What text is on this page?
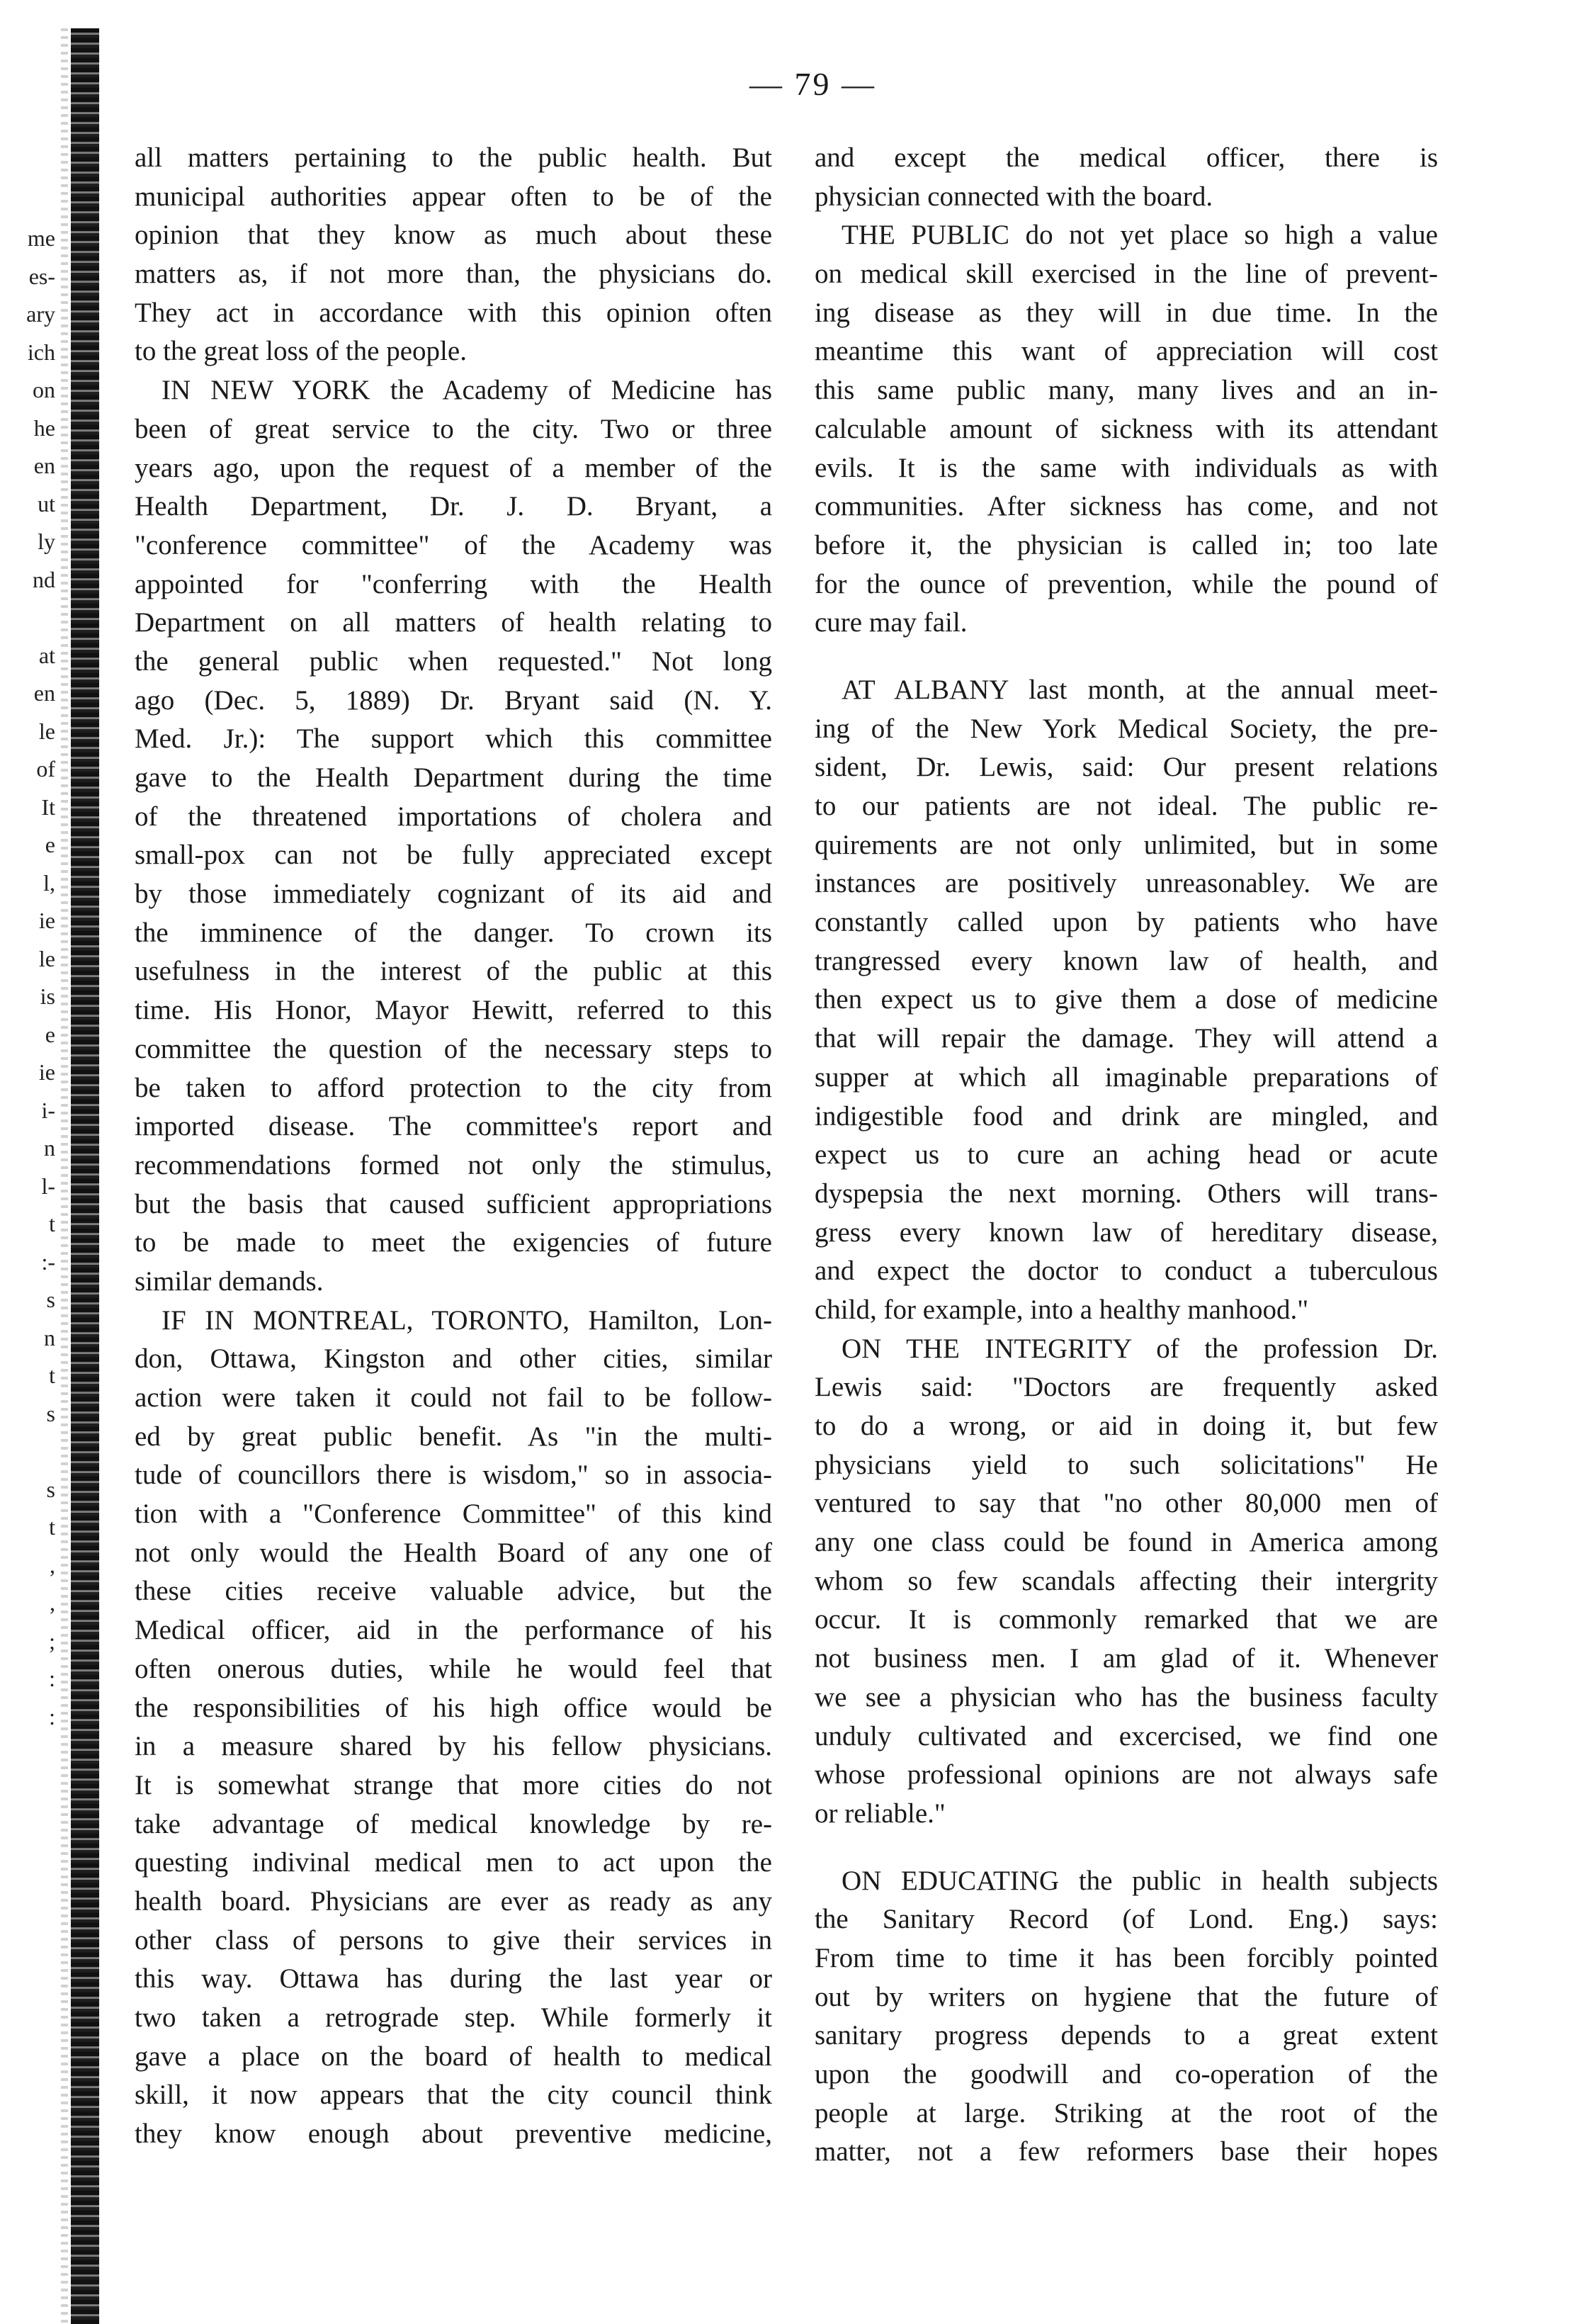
me
es-
ary
ich
on
he
en
ut
ly
nd
at
en
le
of
It
e
l,
ie
le
is
e
ie
i-
n
l-
t
:-
s
n
t
s
s
t
,
,
;
:
:
— 79 —
all matters pertaining to the public health. But
municipal authorities appear often to be of the
opinion that they know as much about these
matters as, if not more than, the physicians do.
They act in accordance with this opinion often
to the great loss of the people.
IN NEW YORK the Academy of Medicine has
been of great service to the city. Two or three
years ago, upon the request of a member of the
Health Department, Dr. J. D. Bryant, a
"conference committee" of the Academy was
appointed for "conferring with the Health
Department on all matters of health relating to
the general public when requested." Not long
ago (Dec. 5, 1889) Dr. Bryant said (N. Y.
Med. Jr.): The support which this committee
gave to the Health Department during the time
of the threatened importations of cholera and
small-pox can not be fully appreciated except
by those immediately cognizant of its aid and
the imminence of the danger. To crown its
usefulness in the interest of the public at this
time. His Honor, Mayor Hewitt, referred to this
committee the question of the necessary steps to
be taken to afford protection to the city from
imported disease. The committee's report and
recommendations formed not only the stimulus,
but the basis that caused sufficient appropriations
to be made to meet the exigencies of future
similar demands.
IF IN MONTREAL, TORONTO, Hamilton, Lon-
don, Ottawa, Kingston and other cities, similar
action were taken it could not fail to be follow-
ed by great public benefit. As "in the multi-
tude of councillors there is wisdom," so in associa-
tion with a "Conference Committee" of this kind
not only would the Health Board of any one of
these cities receive valuable advice, but the
Medical officer, aid in the performance of his
often onerous duties, while he would feel that
the responsibilities of his high office would be
in a measure shared by his fellow physicians.
It is somewhat strange that more cities do not
take advantage of medical knowledge by re-
questing indivinal medical men to act upon the
health board. Physicians are ever as ready as any
other class of persons to give their services in
this way. Ottawa has during the last year or
two taken a retrograde step. While formerly it
gave a place on the board of health to medical
skill, it now appears that the city council think
they know enough about preventive medicine,
and except the medical officer, there is
physician connected with the board.
THE PUBLIC do not yet place so high a value
on medical skill exercised in the line of prevent-
ing disease as they will in due time. In the
meantime this want of appreciation will cost
this same public many, many lives and an in-
calculable amount of sickness with its attendant
evils. It is the same with individuals as with
communities. After sickness has come, and not
before it, the physician is called in; too late
for the ounce of prevention, while the pound of
cure may fail.
AT ALBANY last month, at the annual meet-
ing of the New York Medical Society, the pre-
sident, Dr. Lewis, said: Our present relations
to our patients are not ideal. The public re-
quirements are not only unlimited, but in some
instances are positively unreasonabley. We are
constantly called upon by patients who have
trangressed every known law of health, and
then expect us to give them a dose of medicine
that will repair the damage. They will attend a
supper at which all imaginable preparations of
indigestible food and drink are mingled, and
expect us to cure an aching head or acute
dyspepsia the next morning. Others will trans-
gress every known law of hereditary disease,
and expect the doctor to conduct a tuberculous
child, for example, into a healthy manhood."
ON THE INTEGRITY of the profession Dr.
Lewis said: "Doctors are frequently asked
to do a wrong, or aid in doing it, but few
physicians yield to such solicitations" He
ventured to say that "no other 80,000 men of
any one class could be found in America among
whom so few scandals affecting their intergrity
occur. It is commonly remarked that we are
not business men. I am glad of it. Whenever
we see a physician who has the business faculty
unduly cultivated and excercised, we find one
whose professional opinions are not always safe
or reliable."
ON EDUCATING the public in health subjects
the Sanitary Record (of Lond. Eng.) says:
From time to time it has been forcibly pointed
out by writers on hygiene that the future of
sanitary progress depends to a great extent
upon the goodwill and co-operation of the
people at large. Striking at the root of the
matter, not a few reformers base their hopes
